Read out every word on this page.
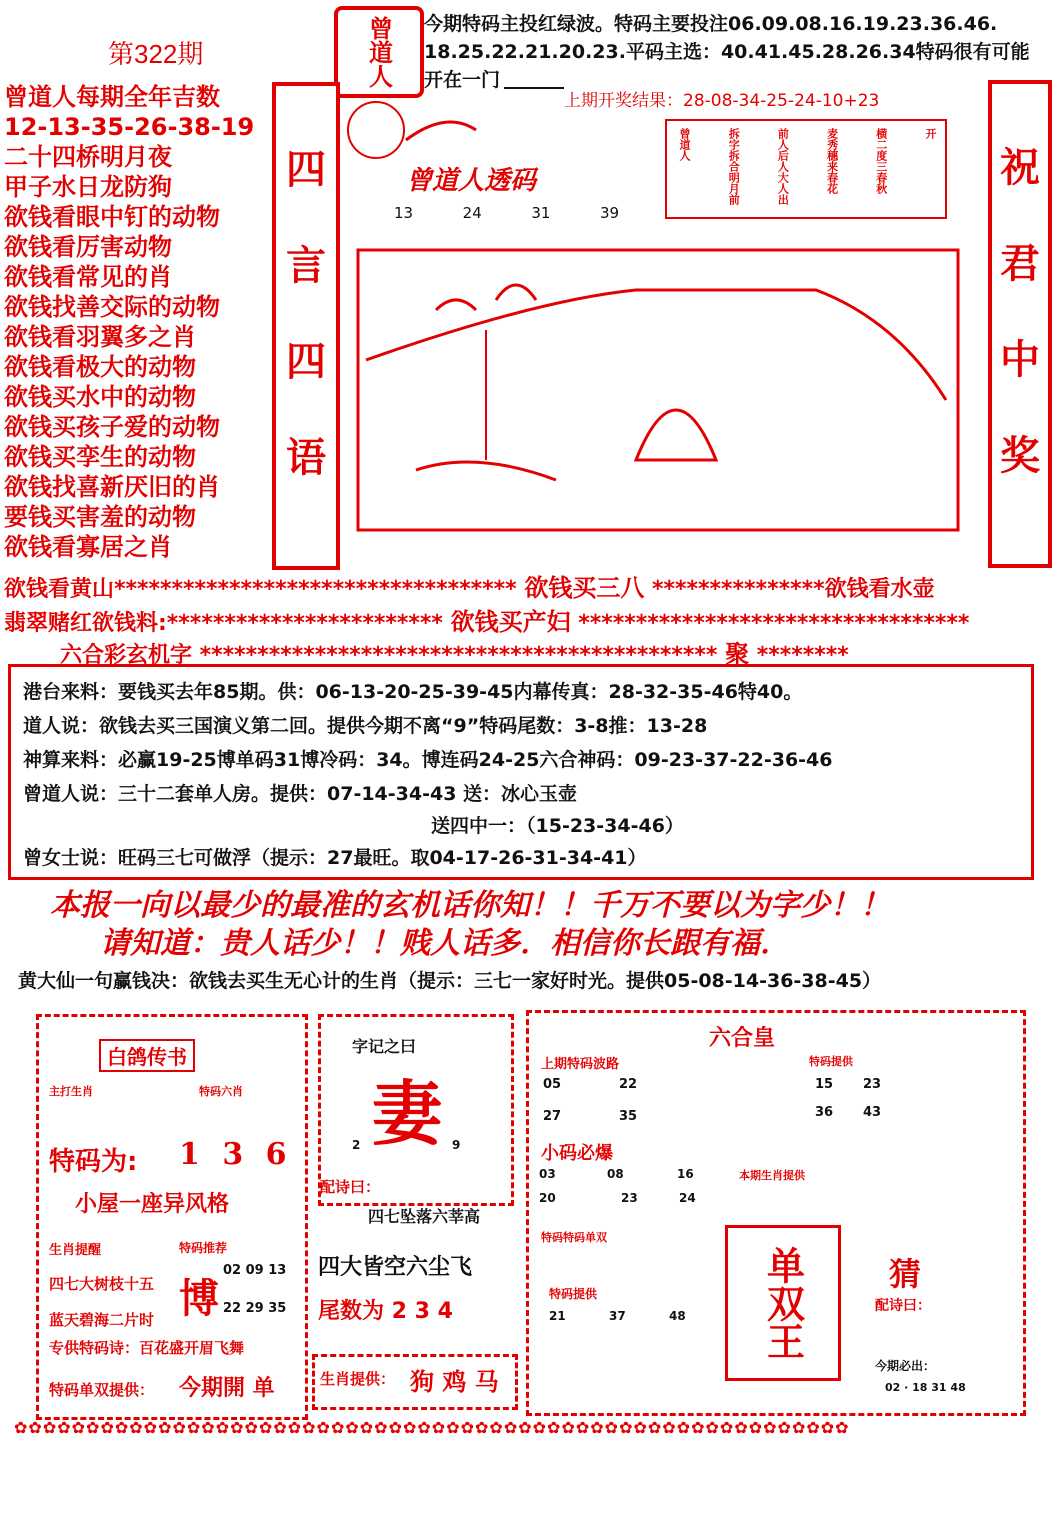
第322期	曾道人 今期特码主投红绿波。特码主要投注06.09.08.16.19.23.36.46.
18.25.22.21.20.23.平码主选：40.41.45.28.26.34特码很有可能
开在一门
上期开奖结果：28-08-34-25-24-10+23
曾道人每期全年吉数
12-13-35-26-38-19
二十四桥明月夜
甲子水日龙防狗
欲钱看眼中钉的动物
欲钱看厉害动物
欲钱看常见的肖
欲钱找善交际的动物
欲钱看羽翼多之肖
欲钱看极大的动物
欲钱买水中的动物
欲钱买孩子爱的动物
欲钱买孪生的动物
欲钱找喜新厌旧的肖
要钱买害羞的动物
欲钱看寡居之肖
四
言
四
语
祝
君
中
奖
曾道人透码
13	24	31	39
开
横二度三春秋
麦秀穗来春花
前人后人大人出
拆字拆合明月前
曾道人
欲钱看黄山*********************************** 欲钱买三八 ***************欲钱看水壶
翡翠赌红欲钱料:************************ 欲钱买产妇 **********************************
六合彩玄机字 ********************************************* 聚 ********
港台来料：要钱买去年85期。供：06-13-20-25-39-45内幕传真：28-32-35-46特40。
道人说：欲钱去买三国演义第二回。提供今期不离“9”特码尾数：3-8推：13-28
神算来料：必赢19-25博单码31博冷码：34。博连码24-25六合神码：09-23-37-22-36-46
曾道人说：三十二套单人房。提供：07-14-34-43 送：冰心玉壶
送四中一：（15-23-34-46）
曾女士说：旺码三七可做浮（提示：27最旺。取04-17-26-31-34-41）
本报一向以最少的最准的玄机话你知！！千万不要以为字少！！
请知道：贵人话少！！贱人话多．相信你长跟有福．
黄大仙一句赢钱决：欲钱去买生无心计的生肖（提示：三七一家好时光。提供05-08-14-36-38-45）
白鸽传书
主打生肖	特码六肖
特码为: 1 3 6
小屋一座异风格
生肖提醒
四七大树枝十五
蓝天碧海二片时
特码推荐
博
02 09 13
22 29 35
专供特码诗：百花盛开眉飞舞
特码单双提供： 今期開 单
字记之曰
妻
2	9
配诗曰：
四七坠落六莘高
四大皆空六尘飞
尾数为 2 3 4
生肖提供： 狗 鸡 马
六合皇
上期特码波路
05	22
27	35
特码提供
15 23
36 43
小码必爆
03	08	16
20	23	24
本期生肖提供
特码特码单双
特码提供
21	37	48 单双王	猜
配诗曰：
今期必出：
02 · 18 31 48
✿✿✿✿✿✿✿✿✿✿✿✿✿✿✿✿✿✿✿✿✿✿✿✿✿✿✿✿✿✿✿✿✿✿✿✿✿✿✿✿✿✿✿✿✿✿✿✿✿✿✿✿✿✿✿✿✿✿
